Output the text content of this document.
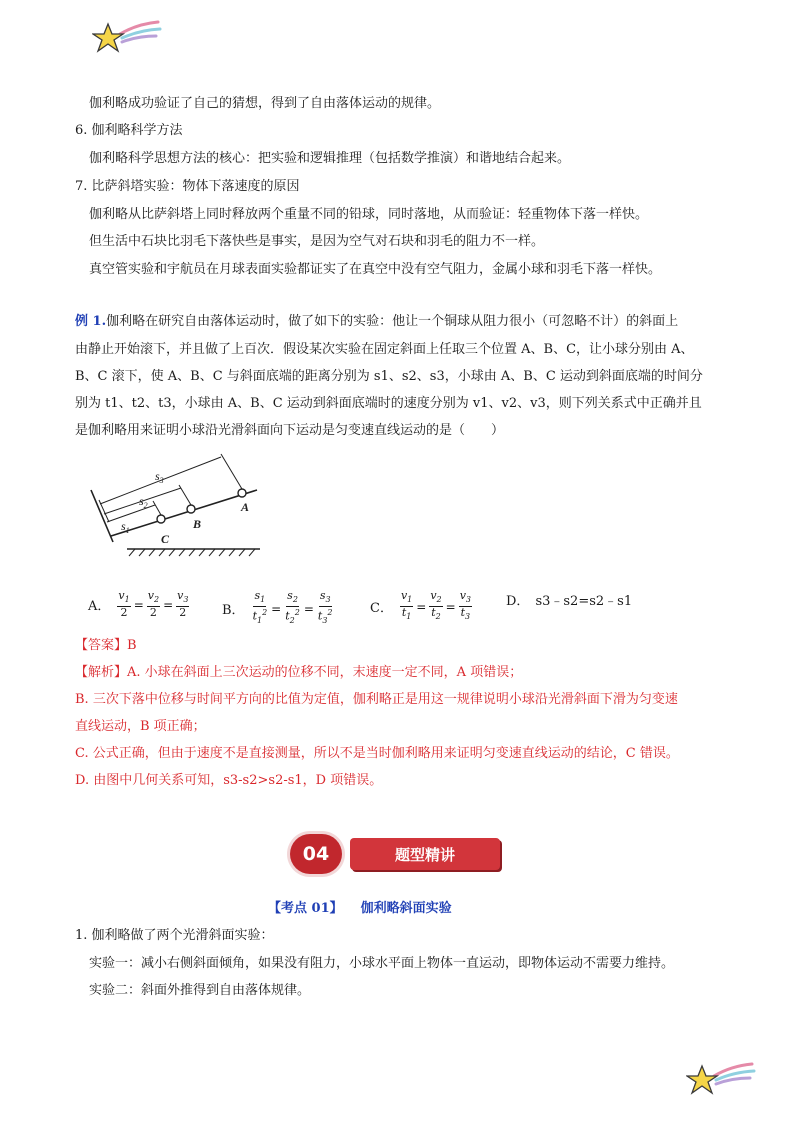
伽利略成功验证了自己的猜想，得到了自由落体运动的规律。
6. 伽利略科学方法
伽利略科学思想方法的核心：把实验和逻辑推理（包括数学推演）和谐地结合起来。
7. 比萨斜塔实验：物体下落速度的原因
伽利略从比萨斜塔上同时释放两个重量不同的铅球，同时落地，从而验证：轻重物体下落一样快。
但生活中石块比羽毛下落快些是事实，是因为空气对石块和羽毛的阻力不一样。
真空管实验和宇航员在月球表面实验都证实了在真空中没有空气阻力，金属小球和羽毛下落一样快。
例 1.伽利略在研究自由落体运动时，做了如下的实验：他让一个铜球从阻力很小（可忽略不计）的斜面上
由静止开始滚下，并且做了上百次．假设某次实验在固定斜面上任取三个位置 A、B、C，让小球分别由 A、
B、C 滚下，使 A、B、C 与斜面底端的距离分别为 s1、s2、s3，小球由 A、B、C 运动到斜面底端的时间分
别为 t1、t2、t3，小球由 A、B、C 运动到斜面底端时的速度分别为 v1、v2、v3，则下列关系式中正确并且
是伽利略用来证明小球沿光滑斜面向下运动是匀变速直线运动的是（　　）
$s_3$
$s_2$
$s_1$
A
B
C
A． $\frac{v_1}{2} = \frac{v_2}{2} = \frac{v_3}{2}$	B． $\frac{s_1}{t_1^2} = \frac{s_2}{t_2^2} = \frac{s_3}{t_3^2}$	C． $\frac{v_1}{t_1} = \frac{v_2}{t_2} = \frac{v_3}{t_3}$	D． s3﹣s2=s2﹣s1
【答案】B
【解析】A. 小球在斜面上三次运动的位移不同，末速度一定不同，A 项错误；
B. 三次下落中位移与时间平方向的比值为定值，伽利略正是用这一规律说明小球沿光滑斜面下滑为匀变速
直线运动，B 项正确；
C. 公式正确，但由于速度不是直接测量，所以不是当时伽利略用来证明匀变速直线运动的结论，C 错误。
D. 由图中几何关系可知，s3-s2>s2-s1，D 项错误。
04	题型精讲
【考点 01】 伽利略斜面实验
1. 伽利略做了两个光滑斜面实验：
实验一：减小右侧斜面倾角，如果没有阻力，小球水平面上物体一直运动，即物体运动不需要力维持。
实验二：斜面外推得到自由落体规律。
